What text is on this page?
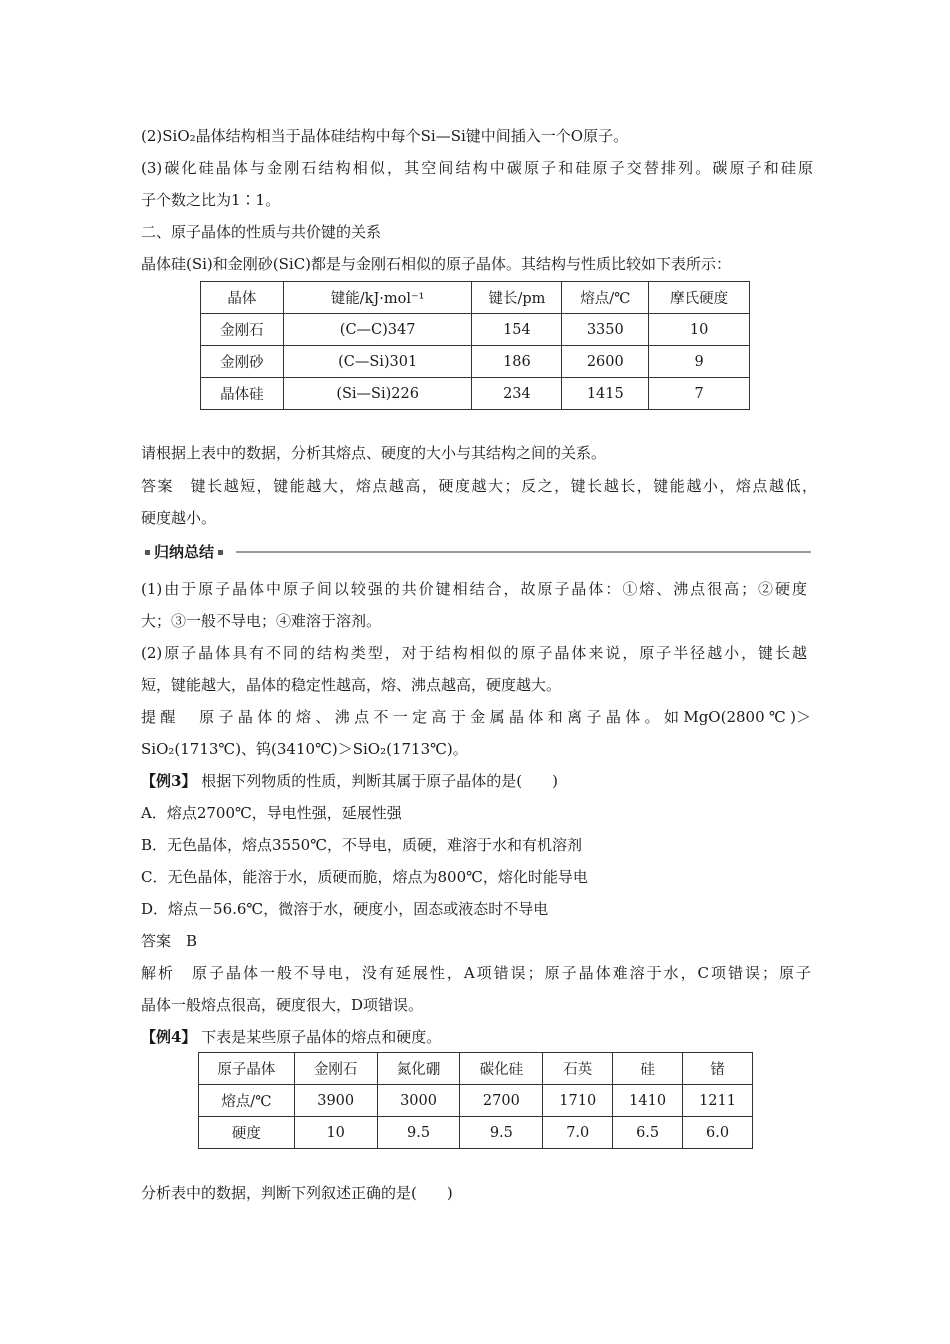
(2)SiO₂晶体结构相当于晶体硅结构中每个Si—Si键中间插入一个O原子。
(3)碳化硅晶体与金刚石结构相似，其空间结构中碳原子和硅原子交替排列。碳原子和硅原
子个数之比为1∶1。
二、原子晶体的性质与共价键的关系
晶体硅(Si)和金刚砂(SiC)都是与金刚石相似的原子晶体。其结构与性质比较如下表所示：
晶体	键能/kJ·mol⁻¹	键长/pm	熔点/℃	摩氏硬度
金刚石	(C—C)347	154	3350	10
金刚砂	(C—Si)301	186	2600	9
晶体硅	(Si—Si)226	234	1415	7
请根据上表中的数据，分析其熔点、硬度的大小与其结构之间的关系。
答案　键长越短，键能越大，熔点越高，硬度越大；反之，键长越长，键能越小，熔点越低，
硬度越小。
归纳总结
(1)由于原子晶体中原子间以较强的共价键相结合，故原子晶体：①熔、沸点很高；②硬度
大；③一般不导电；④难溶于溶剂。
(2)原子晶体具有不同的结构类型，对于结构相似的原子晶体来说，原子半径越小，键长越
短，键能越大，晶体的稳定性越高，熔、沸点越高，硬度越大。
提醒　原子晶体的熔、沸点不一定高于金属晶体和离子晶体。如MgO(2800℃)＞
SiO₂(1713℃)、钨(3410℃)＞SiO₂(1713℃)。
【例3】 根据下列物质的性质，判断其属于原子晶体的是(　　)
A．熔点2700℃，导电性强，延展性强
B．无色晶体，熔点3550℃，不导电，质硬，难溶于水和有机溶剂
C．无色晶体，能溶于水，质硬而脆，熔点为800℃，熔化时能导电
D．熔点－56.6℃，微溶于水，硬度小，固态或液态时不导电
答案　B
解析　原子晶体一般不导电，没有延展性，A项错误；原子晶体难溶于水，C项错误；原子
晶体一般熔点很高，硬度很大，D项错误。
【例4】 下表是某些原子晶体的熔点和硬度。
原子晶体	金刚石	氮化硼	碳化硅	石英	硅	锗
熔点/℃	3900	3000	2700	1710	1410	1211
硬度	10	9.5	9.5	7.0	6.5	6.0
分析表中的数据，判断下列叙述正确的是(　　)
